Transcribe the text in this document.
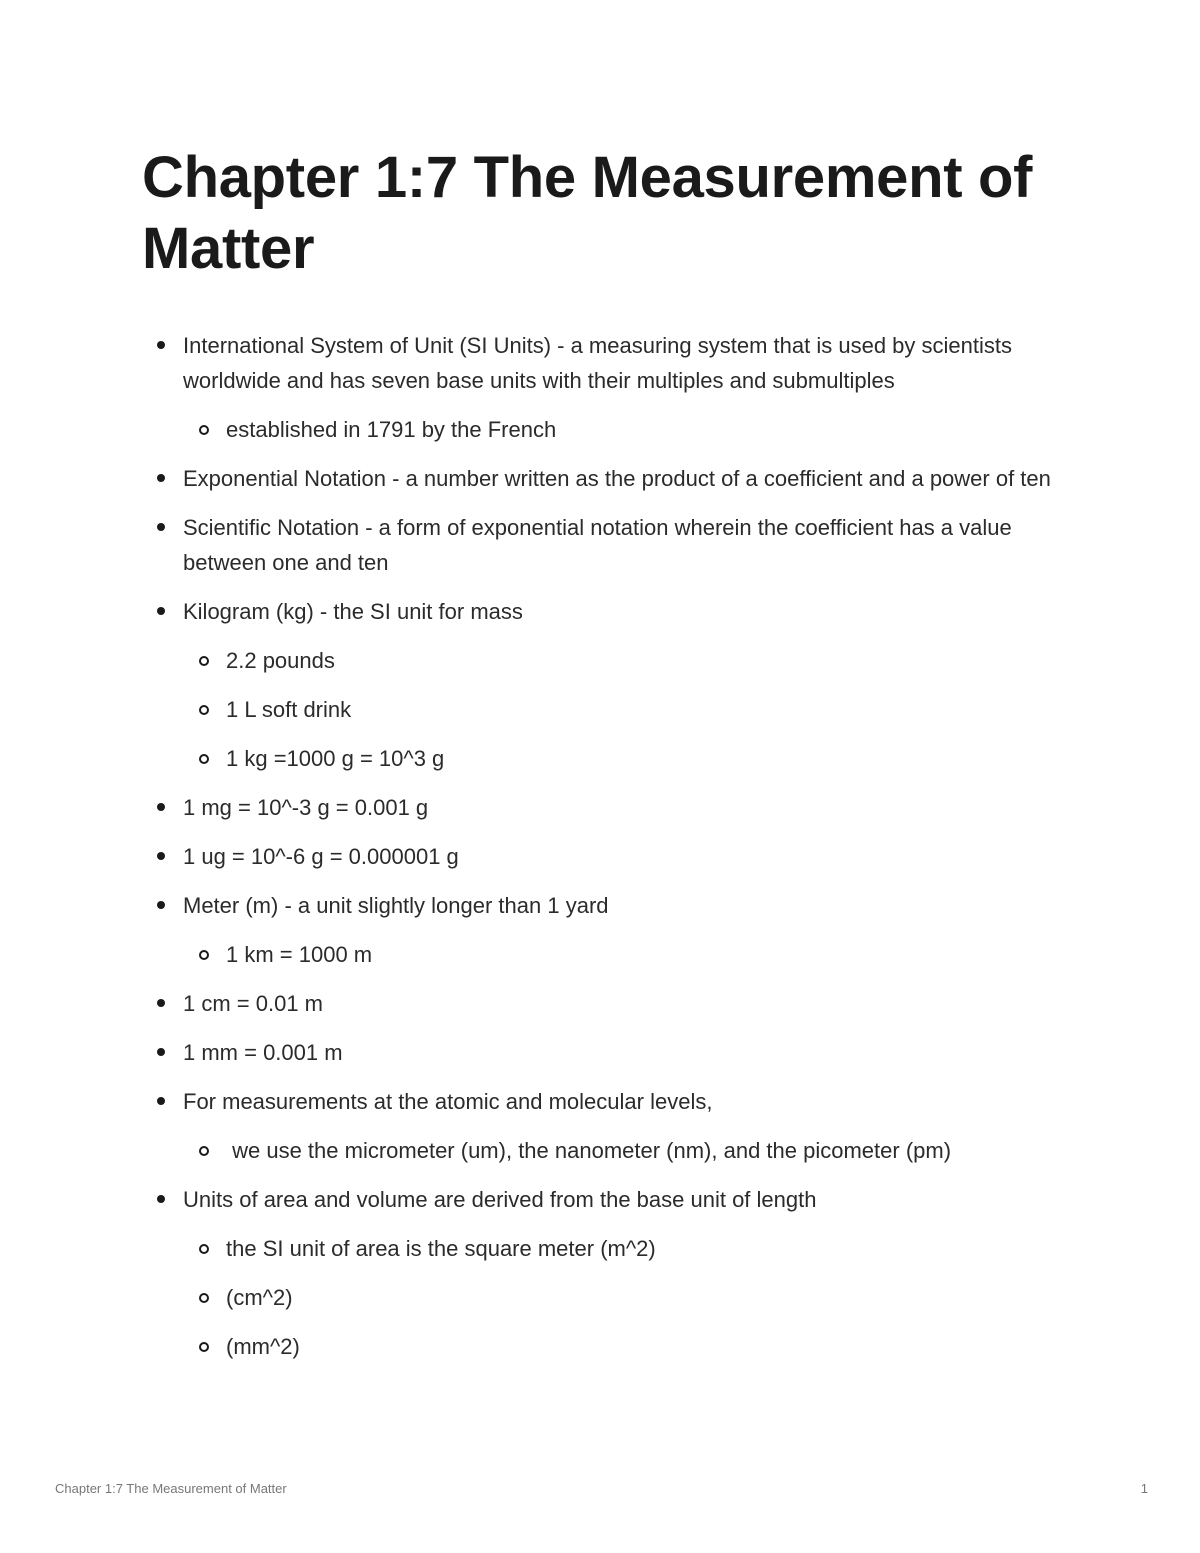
Chapter 1:7 The Measurement of Matter
International System of Unit (SI Units) - a measuring system that is used by scientists worldwide and has seven base units with their multiples and submultiples
established in 1791 by the French
Exponential Notation - a number written as the product of a coefficient and a power of ten
Scientific Notation - a form of exponential notation wherein the coefficient has a value between one and ten
Kilogram (kg) - the SI unit for mass
2.2 pounds
1 L soft drink
1 kg =1000 g = 10^3 g
1 mg = 10^-3 g = 0.001 g
1 ug = 10^-6 g = 0.000001 g
Meter (m) - a unit slightly longer than 1 yard
1 km = 1000 m
1 cm = 0.01 m
1 mm = 0.001 m
For measurements at the atomic and molecular levels,
we use the micrometer (um), the nanometer (nm), and the picometer (pm)
Units of area and volume are derived from the base unit of length
the SI unit of area is the square meter (m^2)
(cm^2)
(mm^2)
Chapter 1:7 The Measurement of Matter	1
